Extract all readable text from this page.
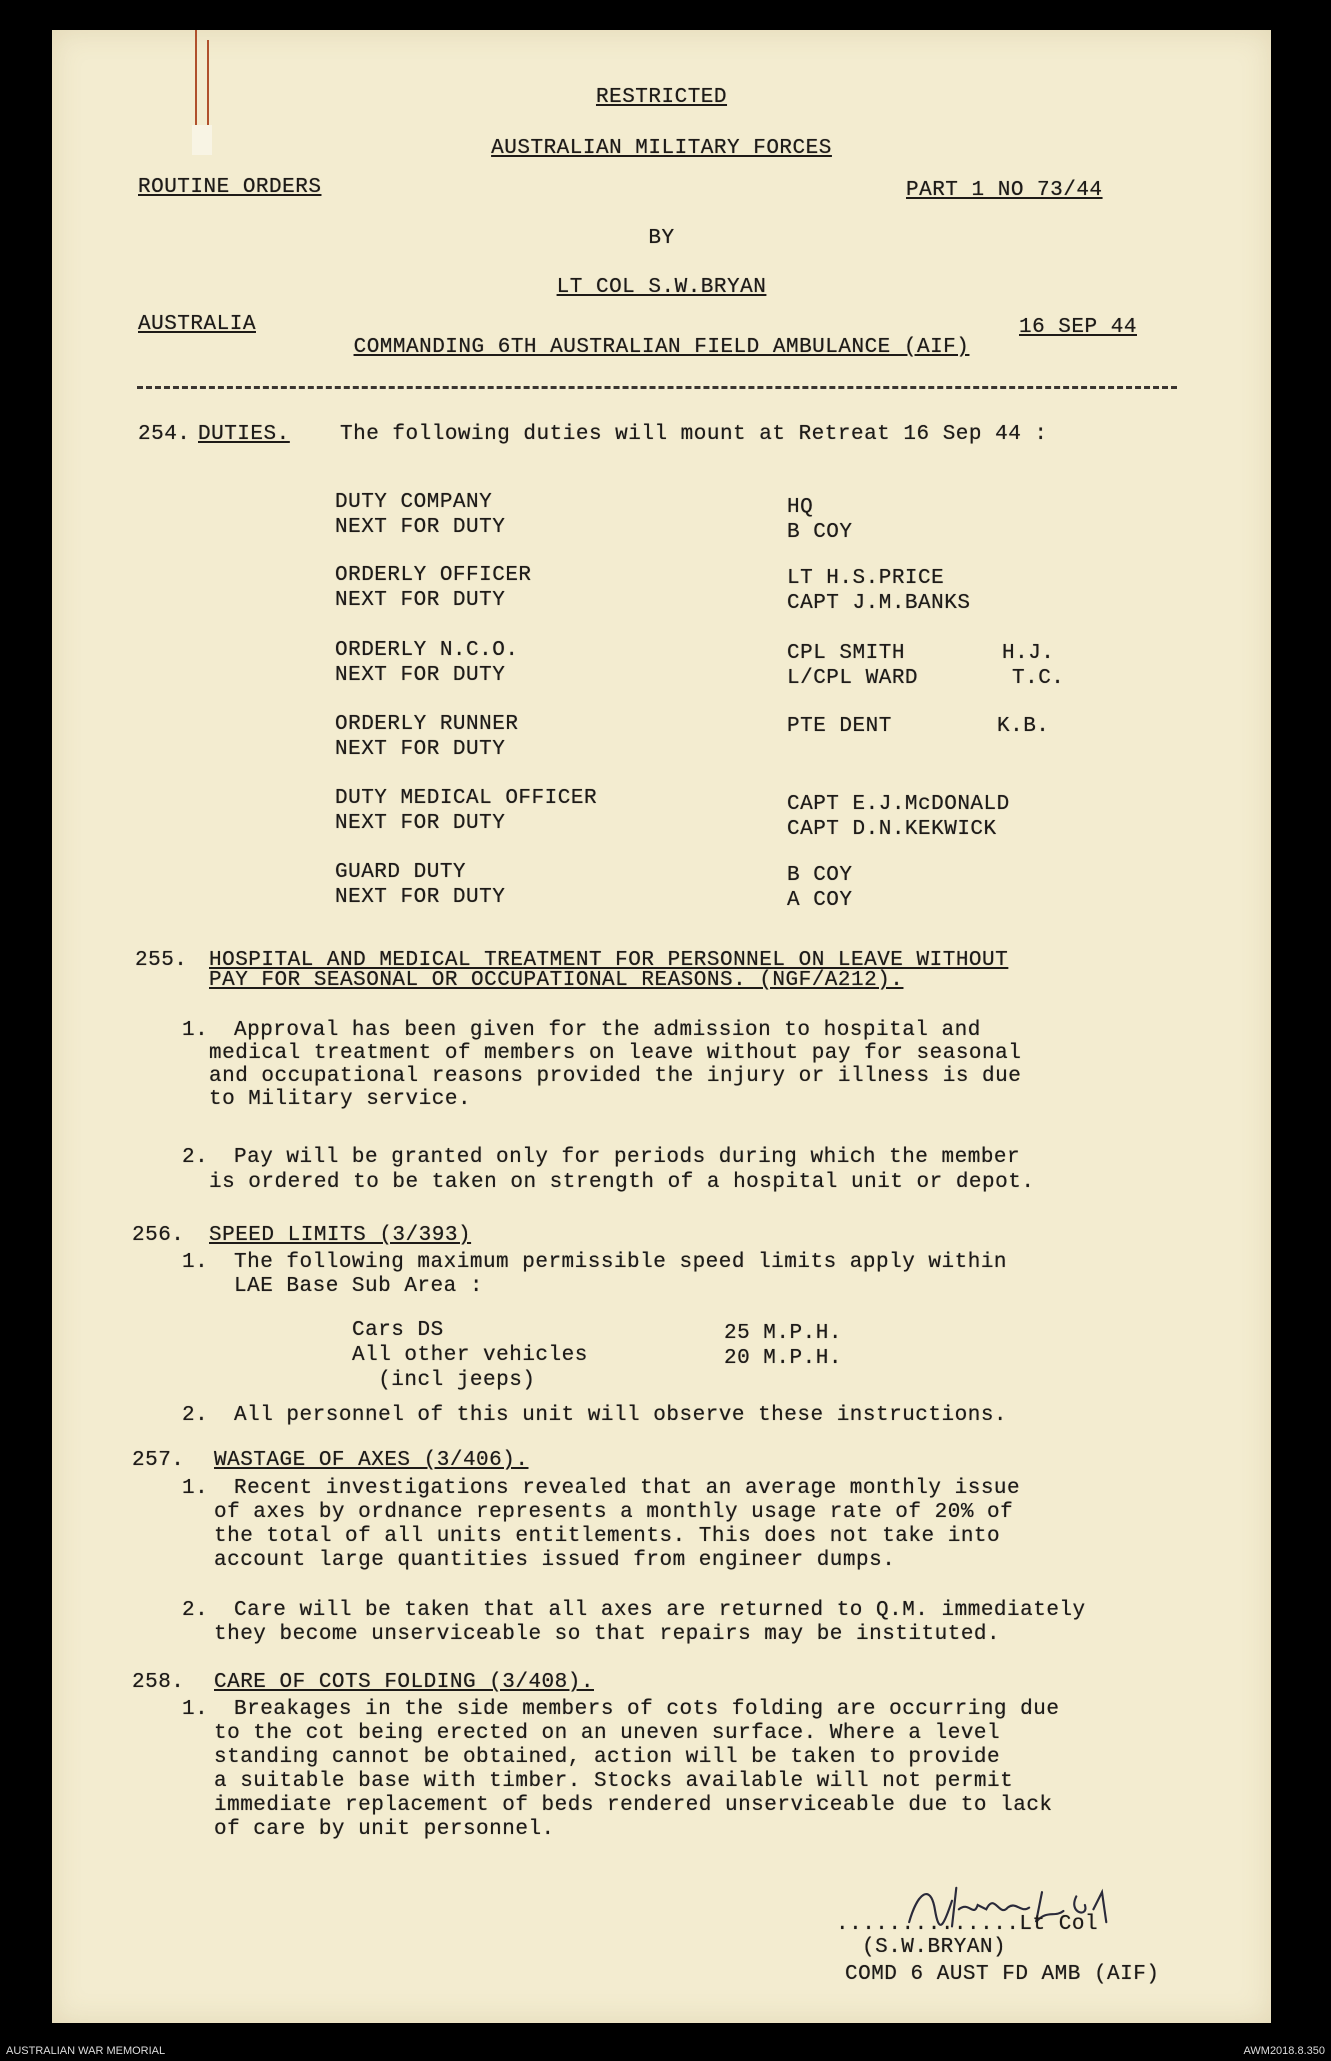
RESTRICTED
AUSTRALIAN MILITARY FORCES
ROUTINE ORDERS	PART 1 NO 73/44
BY
LT COL S.W.BRYAN
AUSTRALIA
COMMANDING 6TH AUSTRALIAN FIELD AMBULANCE (AIF)
16 SEP 44
254. DUTIES. The following duties will mount at Retreat 16 Sep 44 :
DUTY COMPANY	HQ
NEXT FOR DUTY	B COY
ORDERLY OFFICER	LT H.S.PRICE
NEXT FOR DUTY	CAPT J.M.BANKS
ORDERLY N.C.O.	CPL SMITH	H.J.
NEXT FOR DUTY	L/CPL WARD	T.C.
ORDERLY RUNNER	PTE DENT	K.B.
NEXT FOR DUTY
DUTY MEDICAL OFFICER	CAPT E.J.McDONALD
NEXT FOR DUTY	CAPT D.N.KEKWICK
GUARD DUTY	B COY
NEXT FOR DUTY	A COY
255. HOSPITAL AND MEDICAL TREATMENT FOR PERSONNEL ON LEAVE WITHOUT
PAY FOR SEASONAL OR OCCUPATIONAL REASONS. (NGF/A212).
1. Approval has been given for the admission to hospital and
medical treatment of members on leave without pay for seasonal
and occupational reasons provided the injury or illness is due
to Military service.
2. Pay will be granted only for periods during which the member
is ordered to be taken on strength of a hospital unit or depot.
256. SPEED LIMITS (3/393)
1. The following maximum permissible speed limits apply within
LAE Base Sub Area :
Cars DS	25 M.P.H.
All other vehicles	20 M.P.H.
(incl jeeps)
2. All personnel of this unit will observe these instructions.
257. WASTAGE OF AXES (3/406).
1. Recent investigations revealed that an average monthly issue
of axes by ordnance represents a monthly usage rate of 20% of
the total of all units entitlements. This does not take into
account large quantities issued from engineer dumps.
2. Care will be taken that all axes are returned to Q.M. immediately
they become unserviceable so that repairs may be instituted.
258. CARE OF COTS FOLDING (3/408).
1. Breakages in the side members of cots folding are occurring due
to the cot being erected on an uneven surface. Where a level
standing cannot be obtained, action will be taken to provide
a suitable base with timber. Stocks available will not permit
immediate replacement of beds rendered unserviceable due to lack
of care by unit personnel.
..............Lt Col
(S.W.BRYAN)
COMD 6 AUST FD AMB (AIF)
AUSTRALIAN WAR MEMORIAL	AWM2018.8.350
